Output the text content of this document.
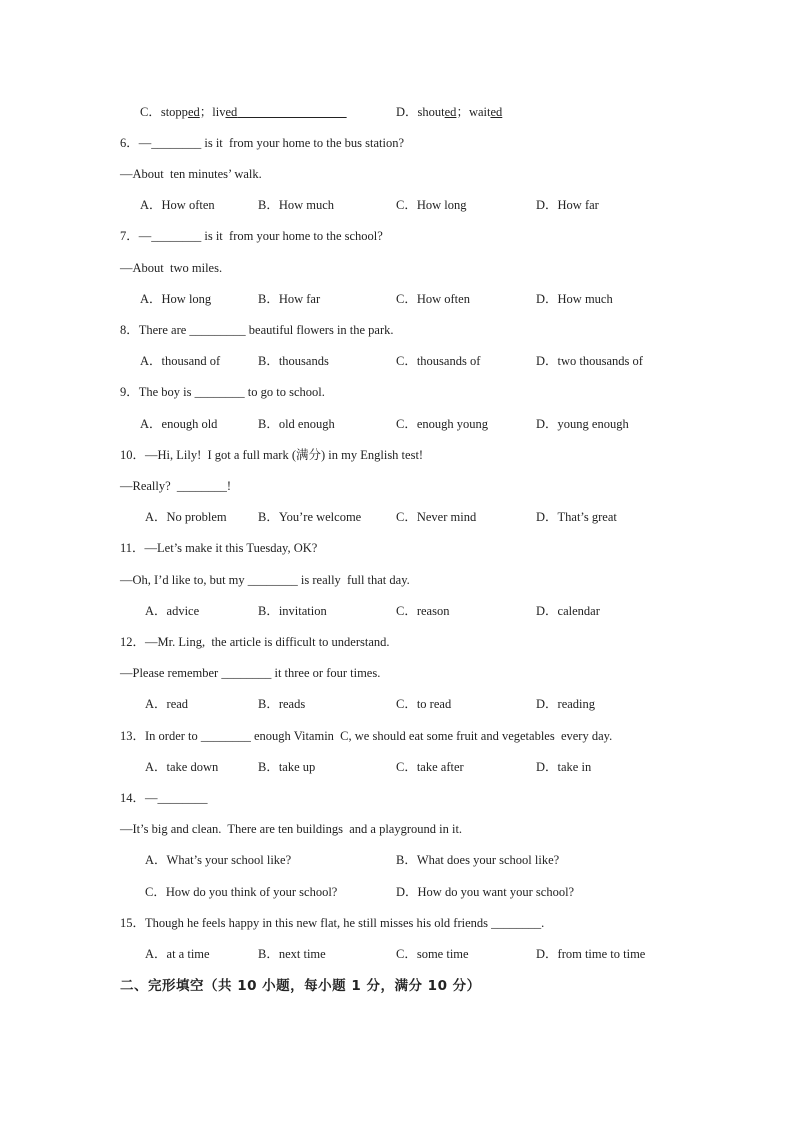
C．stopped；lived	D．shouted；waited
6．—________ is it  from your home to the bus station?
—About  ten minutes’ walk.
A．How often	B．How much	C．How long	D．How far
7．—________ is it  from your home to the school?
—About  two miles.
A．How long	B．How far	C．How often	D．How much
8．There are _________ beautiful flowers in the park.
A．thousand of	B．thousands	C．thousands of	D．two thousands of
9．The boy is ________ to go to school.
A．enough old	B．old enough	C．enough young	D．young enough
10．—Hi, Lily!  I got a full mark (满分) in my English test!
—Really?  ________!
A．No problem	B．You’re welcome	C．Never mind	D．That’s great
11．—Let’s make it this Tuesday, OK?
—Oh, I’d like to, but my ________ is really  full that day.
A．advice	B．invitation	C．reason	D．calendar
12．—Mr. Ling,  the article is difficult to understand.
—Please remember ________ it three or four times.
A．read	B．reads	C．to read	D．reading
13．In order to ________ enough Vitamin  C, we should eat some fruit and vegetables  every day.
A．take down	B．take up	C．take after	D．take in
14．—________
—It’s big and clean.  There are ten buildings  and a playground in it.
A．What’s your school like?	B．What does your school like?
C．How do you think of your school?	D．How do you want your school?
15．Though he feels happy in this new flat, he still misses his old friends ________.
A．at a time	B．next time	C．some time	D．from time to time
二、完形填空（共 10 小题，每小题 1 分，满分 10 分）
